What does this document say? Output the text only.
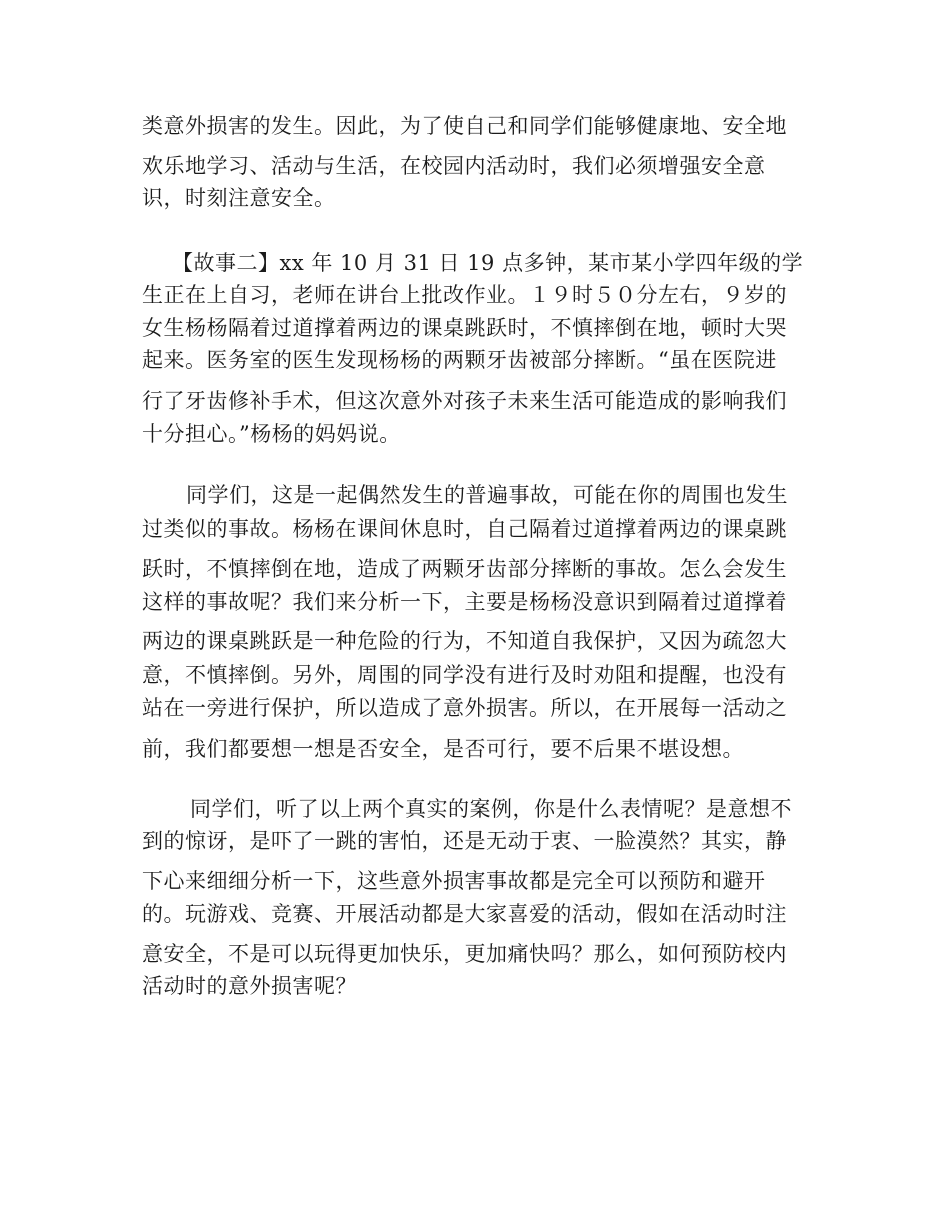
类意外损害的发生。因此，为了使自己和同学们能够健康地、安全地
欢乐地学习、活动与生活，在校园内活动时，我们必须增强安全意
识，时刻注意安全。
【故事二】xx 年 10 月 31 日 19 点多钟，某市某小学四年级的学
生正在上自习，老师在讲台上批改作业。１９时５０分左右，９岁的
女生杨杨隔着过道撑着两边的课桌跳跃时，不慎摔倒在地，顿时大哭
起来。医务室的医生发现杨杨的两颗牙齿被部分摔断。“虽在医院进
行了牙齿修补手术，但这次意外对孩子未来生活可能造成的影响我们
十分担心。”杨杨的妈妈说。
同学们，这是一起偶然发生的普遍事故，可能在你的周围也发生
过类似的事故。杨杨在课间休息时，自己隔着过道撑着两边的课桌跳
跃时，不慎摔倒在地，造成了两颗牙齿部分摔断的事故。怎么会发生
这样的事故呢？我们来分析一下，主要是杨杨没意识到隔着过道撑着
两边的课桌跳跃是一种危险的行为，不知道自我保护，又因为疏忽大
意，不慎摔倒。另外，周围的同学没有进行及时劝阻和提醒，也没有
站在一旁进行保护，所以造成了意外损害。所以，在开展每一活动之
前，我们都要想一想是否安全，是否可行，要不后果不堪设想。
同学们，听了以上两个真实的案例，你是什么表情呢？是意想不
到的惊讶，是吓了一跳的害怕，还是无动于衷、一脸漠然？其实，静
下心来细细分析一下，这些意外损害事故都是完全可以预防和避开
的。玩游戏、竞赛、开展活动都是大家喜爱的活动，假如在活动时注
意安全，不是可以玩得更加快乐，更加痛快吗？那么，如何预防校内
活动时的意外损害呢？
